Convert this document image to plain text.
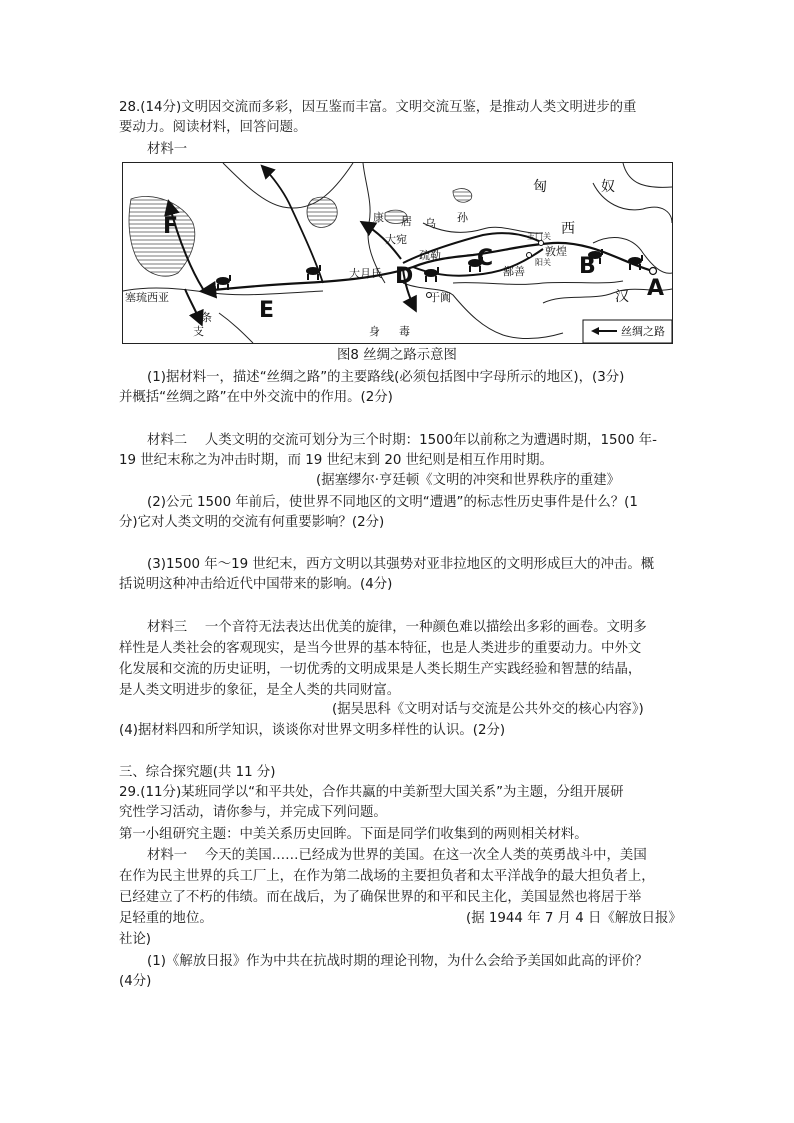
28.(14分)文明因交流而多彩，因互鉴而丰富。文明交流互鉴，是推动人类文明进步的重
要动力。阅读材料，回答问题。
材料一
A
B
C
D
E
F
匈	奴
西
汉
康 居 乌 孙
大宛
疏勒
大月氏
于阗
身 毒
玉门关
敦煌
阳关
鄯善
塞琉西亚
条
支	丝绸之路
图8 丝绸之路示意图
(1)据材料一，描述“丝绸之路”的主要路线(必须包括图中字母所示的地区)，(3分)
并概括“丝绸之路”在中外交流中的作用。(2分)
材料二　 人类文明的交流可划分为三个时期：1500年以前称之为遭遇时期，1500 年-
19 世纪末称之为冲击时期，而 19 世纪末到 20 世纪则是相互作用时期。
(据塞缪尔·亨廷顿《文明的冲突和世界秩序的重建》
(2)公元 1500 年前后，使世界不同地区的文明“遭遇”的标志性历史事件是什么？(1
分)它对人类文明的交流有何重要影响？(2分)
(3)1500 年～19 世纪末，西方文明以其强势对亚非拉地区的文明形成巨大的冲击。概
括说明这种冲击给近代中国带来的影响。(4分)
材料三　 一个音符无法表达出优美的旋律，一种颜色难以描绘出多彩的画卷。文明多
样性是人类社会的客观现实，是当今世界的基本特征，也是人类进步的重要动力。中外文
化发展和交流的历史证明，一切优秀的文明成果是人类长期生产实践经验和智慧的结晶，
是人类文明进步的象征，是全人类的共同财富。
(据吴思科《文明对话与交流是公共外交的核心内容》)
(4)据材料四和所学知识，谈谈你对世界文明多样性的认识。(2分)
三、综合探究题(共 11 分)
29.(11分)某班同学以“和平共处，合作共赢的中美新型大国关系”为主题，分组开展研
究性学习活动，请你参与，并完成下列问题。
第一小组研究主题：中美关系历史回眸。下面是同学们收集到的两则相关材料。
材料一　 今天的美国……已经成为世界的美国。在这一次全人类的英勇战斗中，美国
在作为民主世界的兵工厂上，在作为第二战场的主要担负者和太平洋战争的最大担负者上，
已经建立了不朽的伟绩。而在战后，为了确保世界的和平和民主化，美国显然也将居于举
足轻重的地位。	(据 1944 年 7 月 4 日《解放日报》
社论)
(1)《解放日报》作为中共在抗战时期的理论刊物，为什么会给予美国如此高的评价？
(4分)
